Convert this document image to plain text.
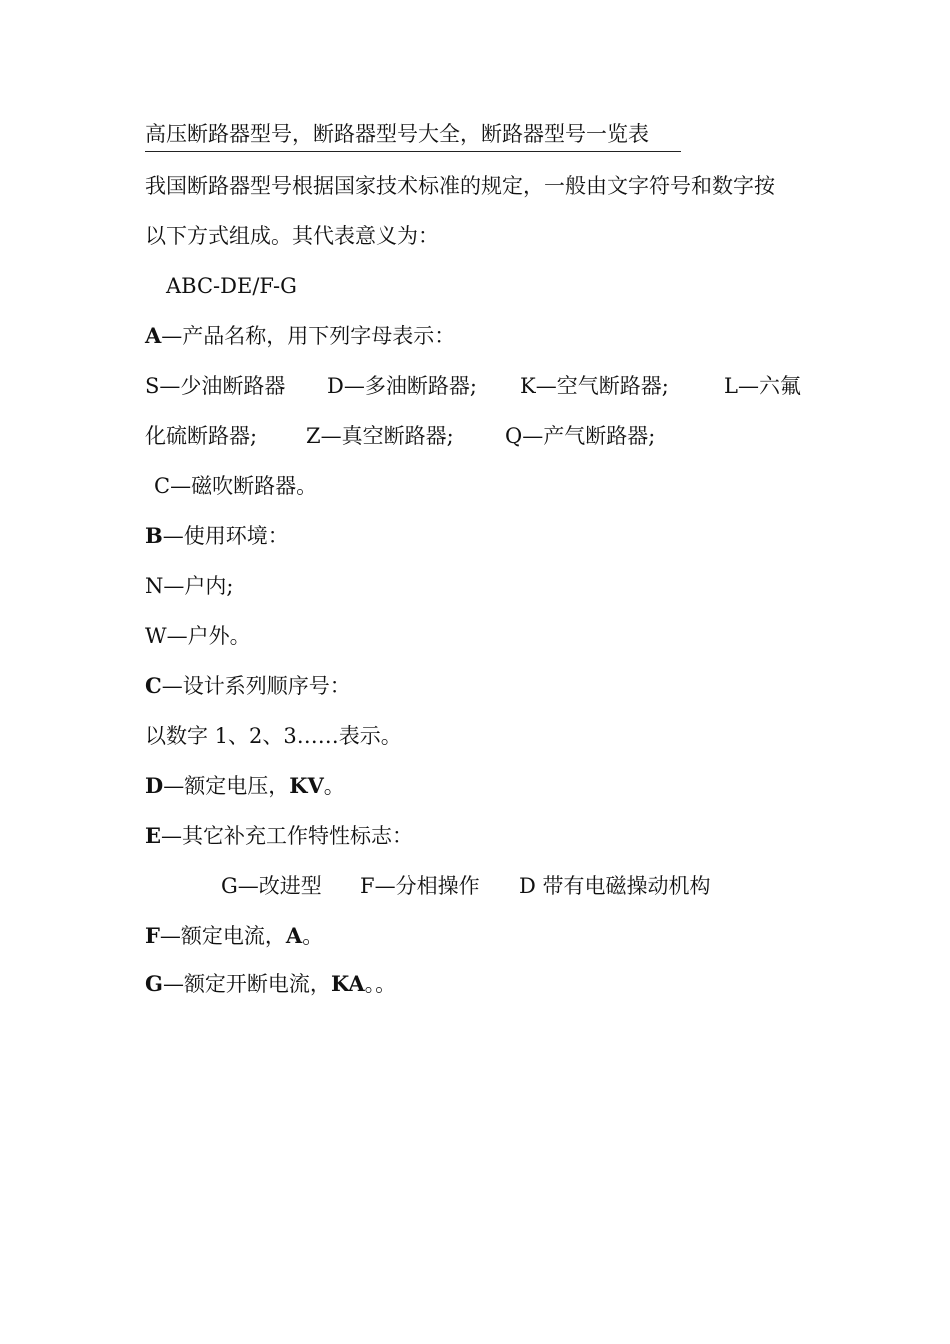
高压断路器型号，断路器型号大全，断路器型号一览表
我国断路器型号根据国家技术标准的规定，一般由文字符号和数字按
以下方式组成。其代表意义为：
ABC-DE/F-G
A—产品名称，用下列字母表示：
S—少油断路器 D—多油断路器; K—空气断路器;	L—六氟
化硫断路器; Z—真空断路器; Q—产气断路器;
C—磁吹断路器。
B—使用环境：
N—户内;
W—户外。
C—设计系列顺序号：
以数字 1、2、3……表示。
D—额定电压，KV。
E—其它补充工作特性标志：
G—改进型 F—分相操作 D 带有电磁操动机构
F—额定电流，A。
G—额定开断电流，KA。。
